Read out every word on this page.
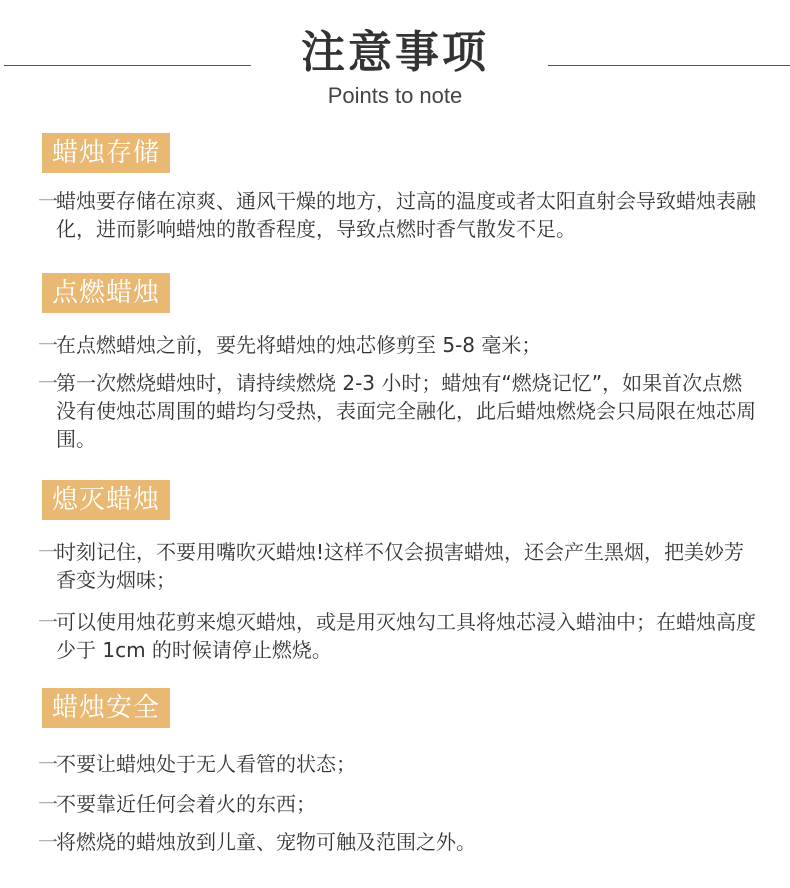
注意事项
Points to note
蜡烛存储
一
蜡烛要存储在凉爽、通风干燥的地方，过高的温度或者太阳直射会导致蜡烛表融化，进而影响蜡烛的散香程度，导致点燃时香气散发不足。
点燃蜡烛
一
在点燃蜡烛之前，要先将蜡烛的烛芯修剪至 5-8 毫米；
一
第一次燃烧蜡烛时，请持续燃烧 2-3 小时；蜡烛有“燃烧记忆”，如果首次点燃没有使烛芯周围的蜡均匀受热，表面完全融化，此后蜡烛燃烧会只局限在烛芯周围。
熄灭蜡烛
一
时刻记住，不要用嘴吹灭蜡烛!这样不仅会损害蜡烛，还会产生黑烟，把美妙芳香变为烟味；
一
可以使用烛花剪来熄灭蜡烛，或是用灭烛勾工具将烛芯浸入蜡油中；在蜡烛高度少于 1cm 的时候请停止燃烧。
蜡烛安全
一
不要让蜡烛处于无人看管的状态；
一
不要靠近任何会着火的东西；
一
将燃烧的蜡烛放到儿童、宠物可触及范围之外。
